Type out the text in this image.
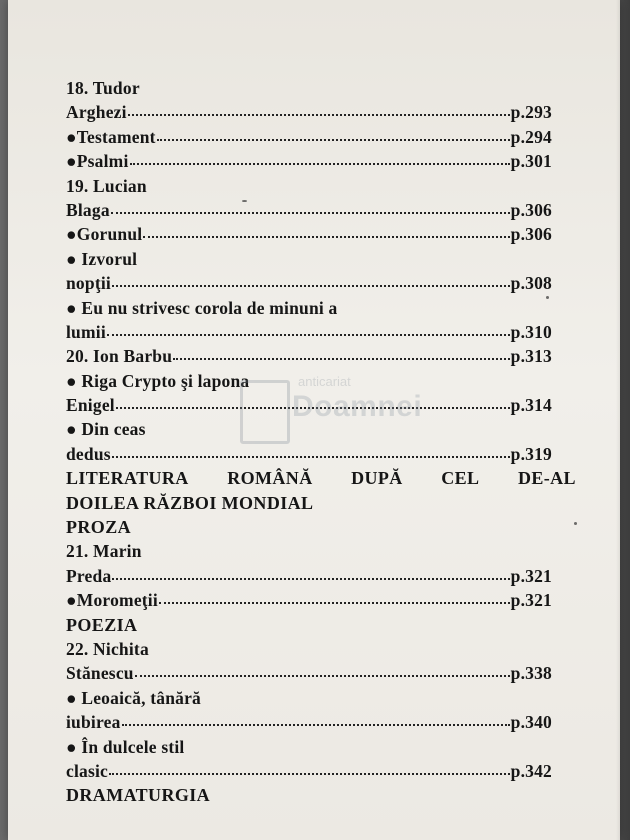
18. Tudor
Arghezi	p.293
●Testament	p.294
●Psalmi	p.301
19. Lucian
Blaga	p.306
●Gorunul	p.306
● Izvorul
nopţii	p.308
● Eu nu strivesc corola de minuni a
lumii	p.310
20. Ion Barbu	p.313
● Riga Crypto şi lapona
Enigel	p.314
● Din ceas
dedus	p.319
LITERATURA ROMÂNĂ DUPĂ CEL DE-AL
DOILEA RĂZBOI MONDIAL
PROZA
21. Marin
Preda	p.321
●Moromeţii	p.321
POEZIA
22. Nichita
Stănescu	p.338
● Leoaică, tânără
iubirea	p.340
● În dulcele stil
clasic	p.342
DRAMATURGIA
anticariat
Doamnei
